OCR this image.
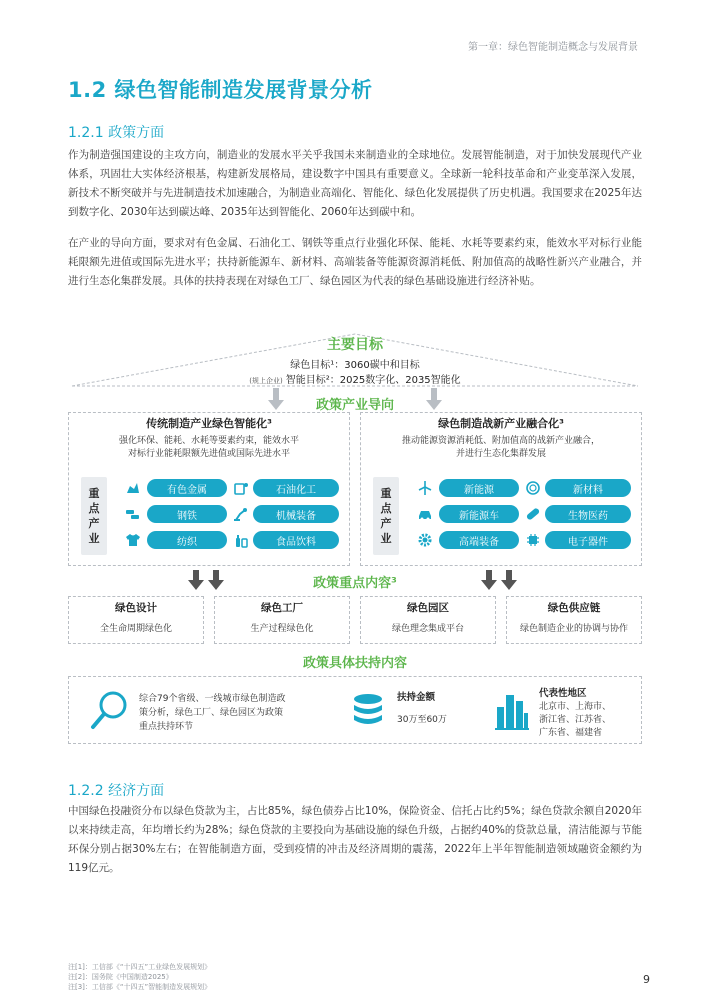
第一章：绿色智能制造概念与发展背景
1.2 绿色智能制造发展背景分析
1.2.1 政策方面
作为制造强国建设的主攻方向，制造业的发展水平关乎我国未来制造业的全球地位。发展智能制造，对于加快发展现代产业体系，巩固壮大实体经济根基，构建新发展格局，建设数字中国具有重要意义。全球新一轮科技革命和产业变革深入发展，新技术不断突破并与先进制造技术加速融合，为制造业高端化、智能化、绿色化发展提供了历史机遇。我国要求在2025年达到数字化、2030年达到碳达峰、2035年达到智能化、2060年达到碳中和。
在产业的导向方面，要求对有色金属、石油化工、钢铁等重点行业强化环保、能耗、水耗等要素约束，能效水平对标行业能耗限额先进值或国际先进水平；扶持新能源车、新材料、高端装备等能源资源消耗低、附加值高的战略性新兴产业融合，并进行生态化集群发展。具体的扶持表现在对绿色工厂、绿色园区为代表的绿色基础设施进行经济补贴。
主要目标
绿色目标¹：3060碳中和目标
(规上企业) 智能目标²：2025数字化、2035智能化
政策产业导向
传统制造产业绿色智能化³
强化环保、能耗、水耗等要素约束，能效水平
对标行业能耗限额先进值或国际先进水平
重点产业
有色金属	石油化工
钢铁	机械装备
纺织	食品饮料
绿色制造战新产业融合化³
推动能源资源消耗低、附加值高的战新产业融合，
并进行生态化集群发展
重点产业
新能源	新材料
新能源车	生物医药
高端装备	电子器件
政策重点内容³
绿色设计
全生命周期绿色化
绿色工厂
生产过程绿色化
绿色园区
绿色理念集成平台
绿色供应链
绿色制造企业的协调与协作
政策具体扶持内容
综合79个省级、一线城市绿色制造政
策分析，绿色工厂、绿色园区为政策
重点扶持环节
扶持金额
30万至60万
代表性地区
北京市、上海市、
浙江省、江苏省、
广东省、福建省
1.2.2 经济方面
中国绿色投融资分布以绿色贷款为主，占比85%，绿色债券占比10%，保险资金、信托占比约5%；绿色贷款余额自2020年以来持续走高，年均增长约为28%；绿色贷款的主要投向为基础设施的绿色升级，占据约40%的贷款总量，清洁能源与节能环保分别占据30%左右；在智能制造方面，受到疫情的冲击及经济周期的震荡，2022年上半年智能制造领域融资金额约为119亿元。
注[1]：工信部《“十四五”工业绿色发展规划》
注[2]：国务院《中国制造2025》
注[3]：工信部《“十四五”智能制造发展规划》
9
